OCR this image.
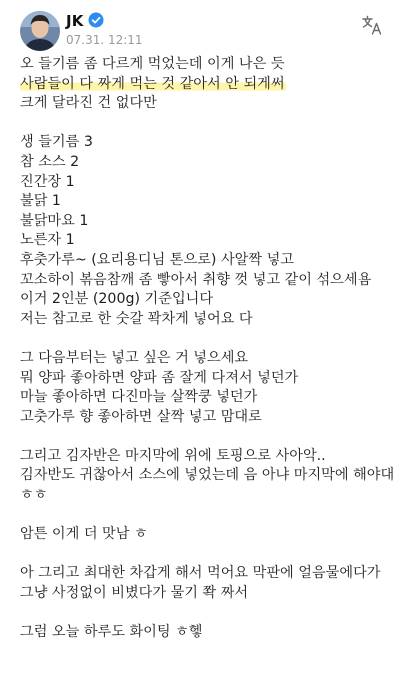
JK
07.31. 12:11
오 들기름 좀 다르게 먹었는데 이게 나은 듯
사람들이 다 짜게 먹는 것 같아서 안 되게써
크게 달라진 건 없다만
생 들기름 3
참 소스 2
진간장 1
불닭 1
불닭마요 1
노른자 1
후춧가루~ (요리용디님 톤으로) 사알짝 넣고
꼬소하이 볶음참깨 좀 빻아서 취향 껏 넣고 같이 섞으세욤
이거 2인분 (200g) 기준입니다
저는 참고로 한 숫갈 꽉차게 넣어요 다
그 다음부터는 넣고 싶은 거 넣으세요
뭐 양파 좋아하면 양파 좀 잘게 다져서 넣던가
마늘 좋아하면 다진마늘 살짝쿵 넣던가
고춧가루 향 좋아하면 살짝 넣고 맘대로
그리고 김자반은 마지막에 위에 토핑으로 사아악..
김자반도 귀찮아서 소스에 넣었는데 음 아냐 마지막에 해야대
ㅎㅎ
암튼 이게 더 맛남 ㅎ
아 그리고 최대한 차갑게 해서 먹어요 막판에 얼음물에다가
그냥 사정없이 비볐다가 물기 쫙 짜서
그럼 오늘 하루도 화이팅 ㅎ헿
